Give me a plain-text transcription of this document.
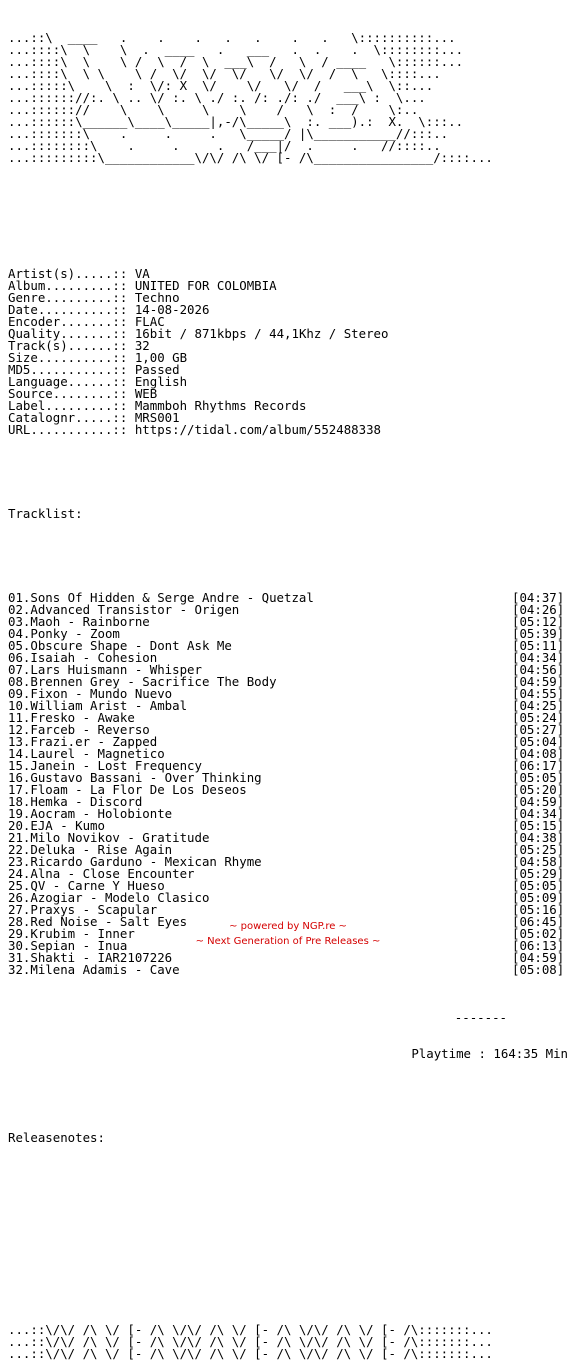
...::\  ____   .    .    .   .   .    .   .   \::::::::::...
...::::\  \    \  .  ____   .   ___   .  .    .  \::::::::...
...::::\  \    \ /  \  /  \  ___\  /   \  / ____   \::::::...
...::::\  \ \    \ /  \/  \/  \/   \/  \/  /  \   \::::...
...:::::\    \  :  \/: X  \/    \/   \/  /   ___\  \::...
...:::::://:. \ .. \/ :. \ ./ :. /: ./: ./  ___\ :  \...
...:::::://    \    \     \    \    /   \  :  /    \:..
...::::::\______\____\_____|,-/\_____\  :. ___).:  X.  \:::..
...:::::::\    .     .     .   \_____/ |\___________//:::..
...::::::::\    .     .     .   /___|/  .     .   //::::..
...:::::::::\____________\/\/ /\ \/ [- /\________________/::::...

Artist(s).....:: VA
Album.........:: UNITED FOR COLOMBIA
Genre.........:: Techno
Date..........:: 14-08-2026
Encoder.......:: FLAC
Quality.......:: 16bit / 871kbps / 44,1Khz / Stereo
Track(s)......:: 32
Size..........:: 1,00 GB
MD5...........:: Passed
Language......:: English
Source........:: WEB
Label.........:: Mammboh Rhythms Records
Catalognr.....:: MRS001
URL...........:: https://tidal.com/album/552488338

Tracklist:

01.Sons Of Hidden & Serge Andre - Quetzal	[04:37]
02.Advanced Transistor - Origen	[04:26]
03.Maoh - Rainborne	[05:12]
04.Ponky - Zoom	[05:39]
05.Obscure Shape - Dont Ask Me	[05:11]
06.Isaiah - Cohesion	[04:34]
07.Lars Huismann - Whisper	[04:56]
08.Brennen Grey - Sacrifice The Body	[04:59]
09.Fixon - Mundo Nuevo	[04:55]
10.William Arist - Ambal	[04:25]
11.Fresko - Awake	[05:24]
12.Farceb - Reverso	[05:27]
13.Frazi.er - Zapped	[05:04]
14.Laurel - Magnetico	[04:08]
15.Janein - Lost Frequency	[06:17]
16.Gustavo Bassani - Over Thinking	[05:05]
17.Floam - La Flor De Los Deseos	[05:20]
18.Hemka - Discord	[04:59]
19.Aocram - Holobionte	[04:34]
20.EJA - Kumo	[05:15]
21.Milo Novikov - Gratitude	[04:38]
22.Deluka - Rise Again	[05:25]
23.Ricardo Garduno - Mexican Rhyme	[04:58]
24.Alna - Close Encounter	[05:29]
25.QV - Carne Y Hueso	[05:05]
26.Azogiar - Modelo Clasico	[05:09]
27.Praxys - Scapular	[05:16]
28.Red Noise - Salt Eyes	[06:45]
29.Krubim - Inner	[05:02]
30.Sepian - Inua	[06:13]
31.Shakti - IAR2107226	[04:59]
32.Milena Adamis - Cave	[05:08]

-------

Playtime : 164:35 Min

Releasenotes:

...::\/\/ /\ \/ [- /\ \/\/ /\ \/ [- /\ \/\/ /\ \/ [- /\:::::::...
...::\/\/ /\ \/ [- /\ \/\/ /\ \/ [- /\ \/\/ /\ \/ [- /\:::::::...
...::\/\/ /\ \/ [- /\ \/\/ /\ \/ [- /\ \/\/ /\ \/ [- /\:::::::...

~ powered by NGP.re ~
~ Next Generation of Pre Releases ~
